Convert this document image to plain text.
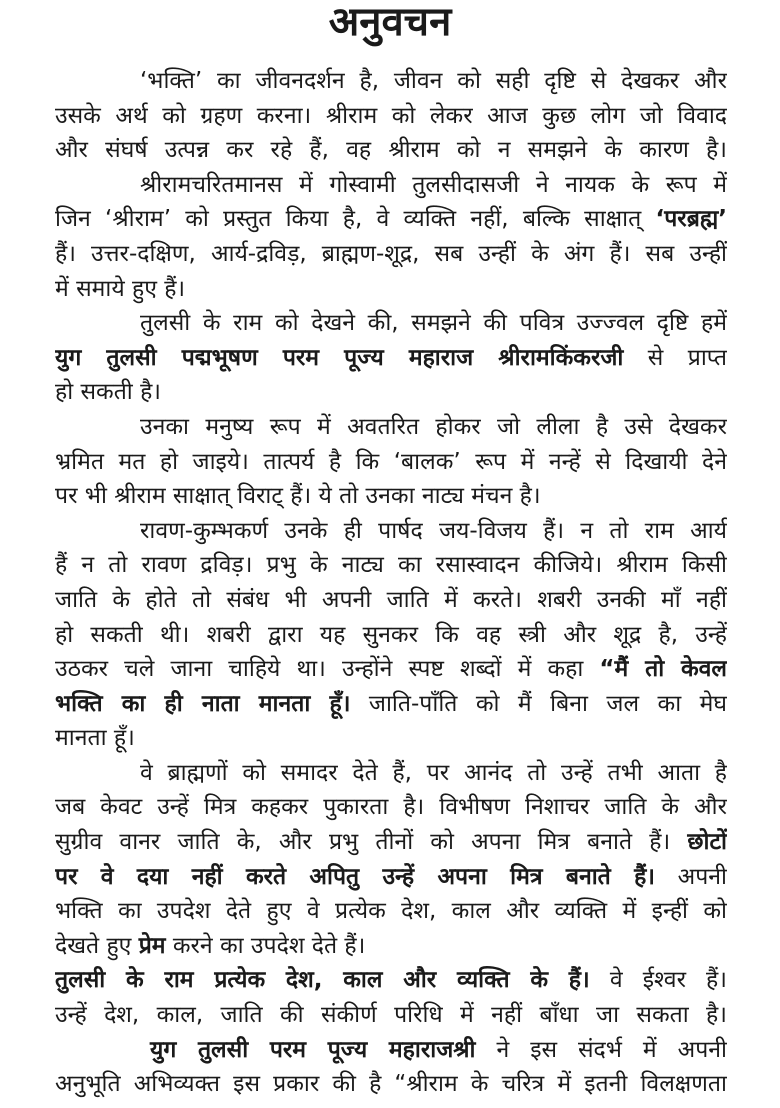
अनुवचन
‘भक्ति’ का जीवनदर्शन है, जीवन को सही दृष्टि से देखकर और
उसके अर्थ को ग्रहण करना। श्रीराम को लेकर आज कुछ लोग जो विवाद
और संघर्ष उत्पन्न कर रहे हैं, वह श्रीराम को न समझने के कारण है।
श्रीरामचरितमानस में गोस्वामी तुलसीदासजी ने नायक के रूप में
जिन ‘श्रीराम’ को प्रस्तुत किया है, वे व्यक्ति नहीं, बल्कि साक्षात् ‘परब्रह्म’
हैं। उत्तर-दक्षिण, आर्य-द्रविड़, ब्राह्मण-शूद्र, सब उन्हीं के अंग हैं। सब उन्हीं
में समाये हुए हैं।
तुलसी के राम को देखने की, समझने की पवित्र उज्ज्वल दृष्टि हमें
युग तुलसी पद्मभूषण परम पूज्य महाराज श्रीरामकिंकरजी से प्राप्त
हो सकती है।
उनका मनुष्य रूप में अवतरित होकर जो लीला है उसे देखकर
भ्रमित मत हो जाइये। तात्पर्य है कि ‘बालक’ रूप में नन्हें से दिखायी देने
पर भी श्रीराम साक्षात् विराट् हैं। ये तो उनका नाट्य मंचन है।
रावण-कुम्भकर्ण उनके ही पार्षद जय-विजय हैं। न तो राम आर्य
हैं न तो रावण द्रविड़। प्रभु के नाट्य का रसास्वादन कीजिये। श्रीराम किसी
जाति के होते तो संबंध भी अपनी जाति में करते। शबरी उनकी माँ नहीं
हो सकती थी। शबरी द्वारा यह सुनकर कि वह स्त्री और शूद्र है, उन्हें
उठकर चले जाना चाहिये था। उन्होंने स्पष्ट शब्दों में कहा “मैं तो केवल
भक्ति का ही नाता मानता हूँ। जाति-पाँति को मैं बिना जल का मेघ
मानता हूँ।
वे ब्राह्मणों को समादर देते हैं, पर आनंद तो उन्हें तभी आता है
जब केवट उन्हें मित्र कहकर पुकारता है। विभीषण निशाचर जाति के और
सुग्रीव वानर जाति के, और प्रभु तीनों को अपना मित्र बनाते हैं। छोटों
पर वे दया नहीं करते अपितु उन्हें अपना मित्र बनाते हैं। अपनी
भक्ति का उपदेश देते हुए वे प्रत्येक देश, काल और व्यक्ति में इन्हीं को
देखते हुए प्रेम करने का उपदेश देते हैं।
तुलसी के राम प्रत्येक देश, काल और व्यक्ति के हैं। वे ईश्वर हैं।
उन्हें देश, काल, जाति की संकीर्ण परिधि में नहीं बाँधा जा सकता है।
युग तुलसी परम पूज्य महाराजश्री ने इस संदर्भ में अपनी
अनुभूति अभिव्यक्त इस प्रकार की है “श्रीराम के चरित्र में इतनी विलक्षणता
